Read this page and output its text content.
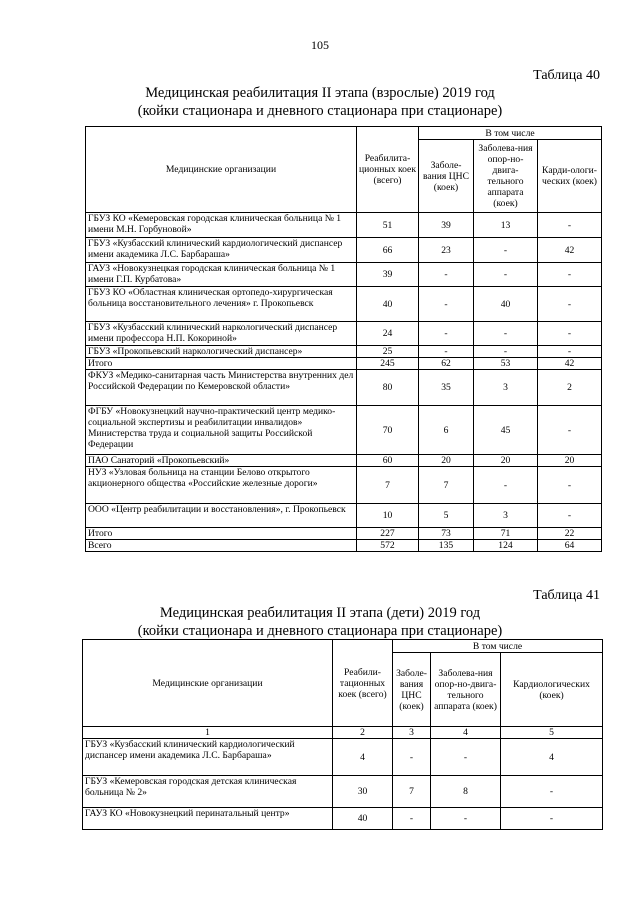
105
Таблица 40
Медицинская реабилитация II этапа (взрослые) 2019 год
(койки стационара и дневного стационара при стационаре)
Медицинские организации	Реабилита-ционных коек (всего)	В том числе		
		Заболе-вания ЦНС (коек)	Заболева-ния опор-но-двига-тельного аппарата (коек)	Карди-ологи-ческих (коек)
ГБУЗ КО «Кемеровская городская клиническая больница № 1 имени М.Н. Горбуновой»	51	39	13	-
ГБУЗ «Кузбасский клинический кардиологический диспансер имени академика Л.С. Барбараша»	66	23	-	42
ГАУЗ «Новокузнецкая городская клиническая больница № 1 имени Г.П. Курбатова»	39	-	-	-
ГБУЗ КО «Областная клиническая ортопедо-хирургическая больница восстановительного лечения» г. Прокопьевск	40	-	40	-
ГБУЗ «Кузбасский клинический наркологический диспансер имени профессора Н.П. Кокориной»	24	-	-	-
ГБУЗ «Прокопьевский наркологический диспансер»	25	-	-	-
Итого	245	62	53	42
ФКУЗ «Медико-санитарная часть Министерства внутренних дел Российской Федерации по Кемеровской области»	80	35	3	2
ФГБУ «Новокузнецкий научно-практический центр медико-социальной экспертизы и реабилитации инвалидов» Министерства труда и социальной защиты Российской Федерации	70	6	45	-
ПАО Санаторий «Прокопьевский»	60	20	20	20
НУЗ «Узловая больница на станции Белово открытого акционерного общества «Российские железные дороги»	7	7	-	-
ООО «Центр реабилитации и восстановления», г. Прокопьевск	10	5	3	-
Итого	227	73	71	22
Всего	572	135	124	64
Таблица 41
Медицинская реабилитация II этапа (дети) 2019 год
(койки стационара и дневного стационара при стационаре)
Медицинские организации	Реабили-тационных коек (всего)	В том числе		
		Заболе-вания ЦНС (коек)	Заболева-ния опор-но-двига-тельного аппарата (коек)	Кардиологических (коек)
1	2	3	4	5
ГБУЗ «Кузбасский клинический кардиологический диспансер имени академика Л.С. Барбараша»	4	-	-	4
ГБУЗ «Кемеровская городская детская клиническая больница № 2»	30	7	8	-
ГАУЗ КО «Новокузнецкий перинатальный центр»	40	-	-	-
